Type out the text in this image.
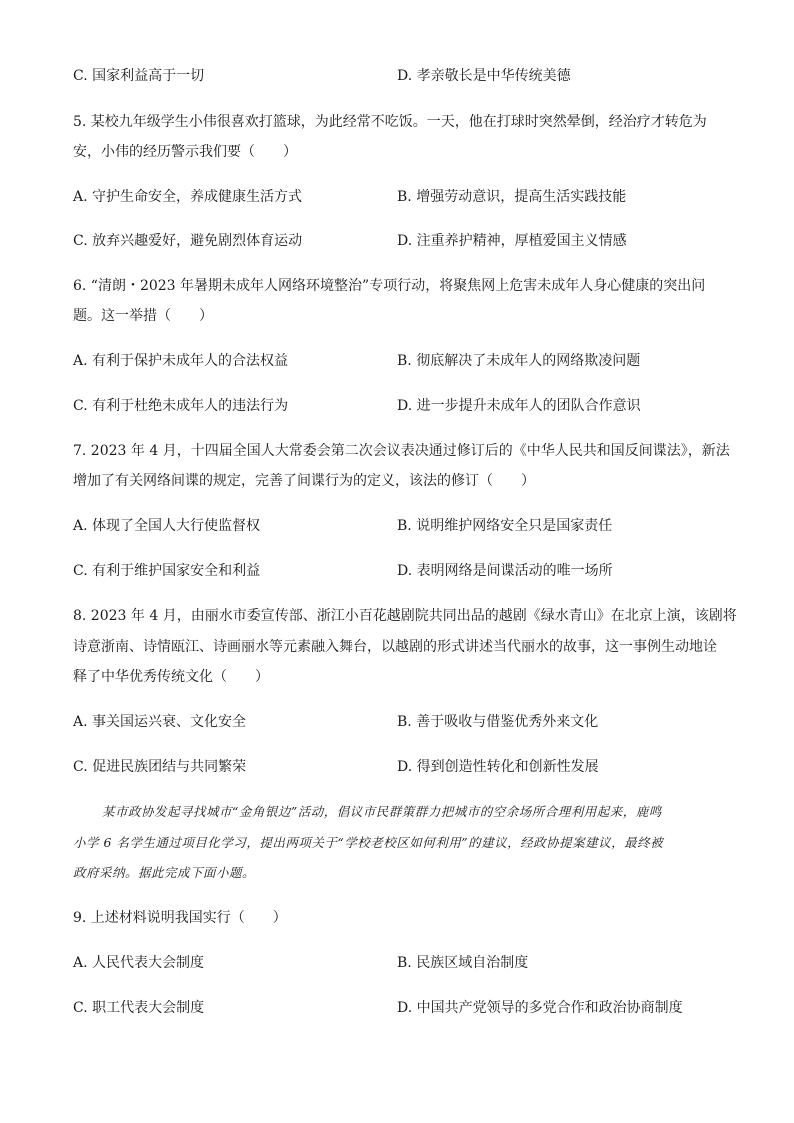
C. 国家利益高于一切	D. 孝亲敬长是中华传统美德
5. 某校九年级学生小伟很喜欢打篮球，为此经常不吃饭。一天，他在打球时突然晕倒，经治疗才转危为
安，小伟的经历警示我们要（　　）
A. 守护生命安全，养成健康生活方式	B. 增强劳动意识，提高生活实践技能
C. 放弃兴趣爱好，避免剧烈体育运动	D. 注重养护精神，厚植爱国主义情感
6. “清朗・2023 年暑期未成年人网络环境整治”专项行动，将聚焦网上危害未成年人身心健康的突出问
题。这一举措（　　）
A. 有利于保护未成年人的合法权益	B. 彻底解决了未成年人的网络欺凌问题
C. 有利于杜绝未成年人的违法行为	D. 进一步提升未成年人的团队合作意识
7. 2023 年 4 月，十四届全国人大常委会第二次会议表决通过修订后的《中华人民共和国反间谍法》，新法
增加了有关网络间谍的规定，完善了间谍行为的定义，该法的修订（　　）
A. 体现了全国人大行使监督权	B. 说明维护网络安全只是国家责任
C. 有利于维护国家安全和利益	D. 表明网络是间谍活动的唯一场所
8. 2023 年 4 月，由丽水市委宣传部、浙江小百花越剧院共同出品的越剧《绿水青山》在北京上演，该剧将
诗意浙南、诗情瓯江、诗画丽水等元素融入舞台，以越剧的形式讲述当代丽水的故事，这一事例生动地诠
释了中华优秀传统文化（　　）
A. 事关国运兴衰、文化安全	B. 善于吸收与借鉴优秀外来文化
C. 促进民族团结与共同繁荣	D. 得到创造性转化和创新性发展
某市政协发起寻找城市“金角银边”活动，倡议市民群策群力把城市的空余场所合理利用起来，鹿鸣
小学 6 名学生通过项目化学习，提出两项关于“学校老校区如何利用”的建议，经政协提案建议，最终被
政府采纳。据此完成下面小题。
9. 上述材料说明我国实行（　　）
A. 人民代表大会制度	B. 民族区域自治制度
C. 职工代表大会制度	D. 中国共产党领导的多党合作和政治协商制度
